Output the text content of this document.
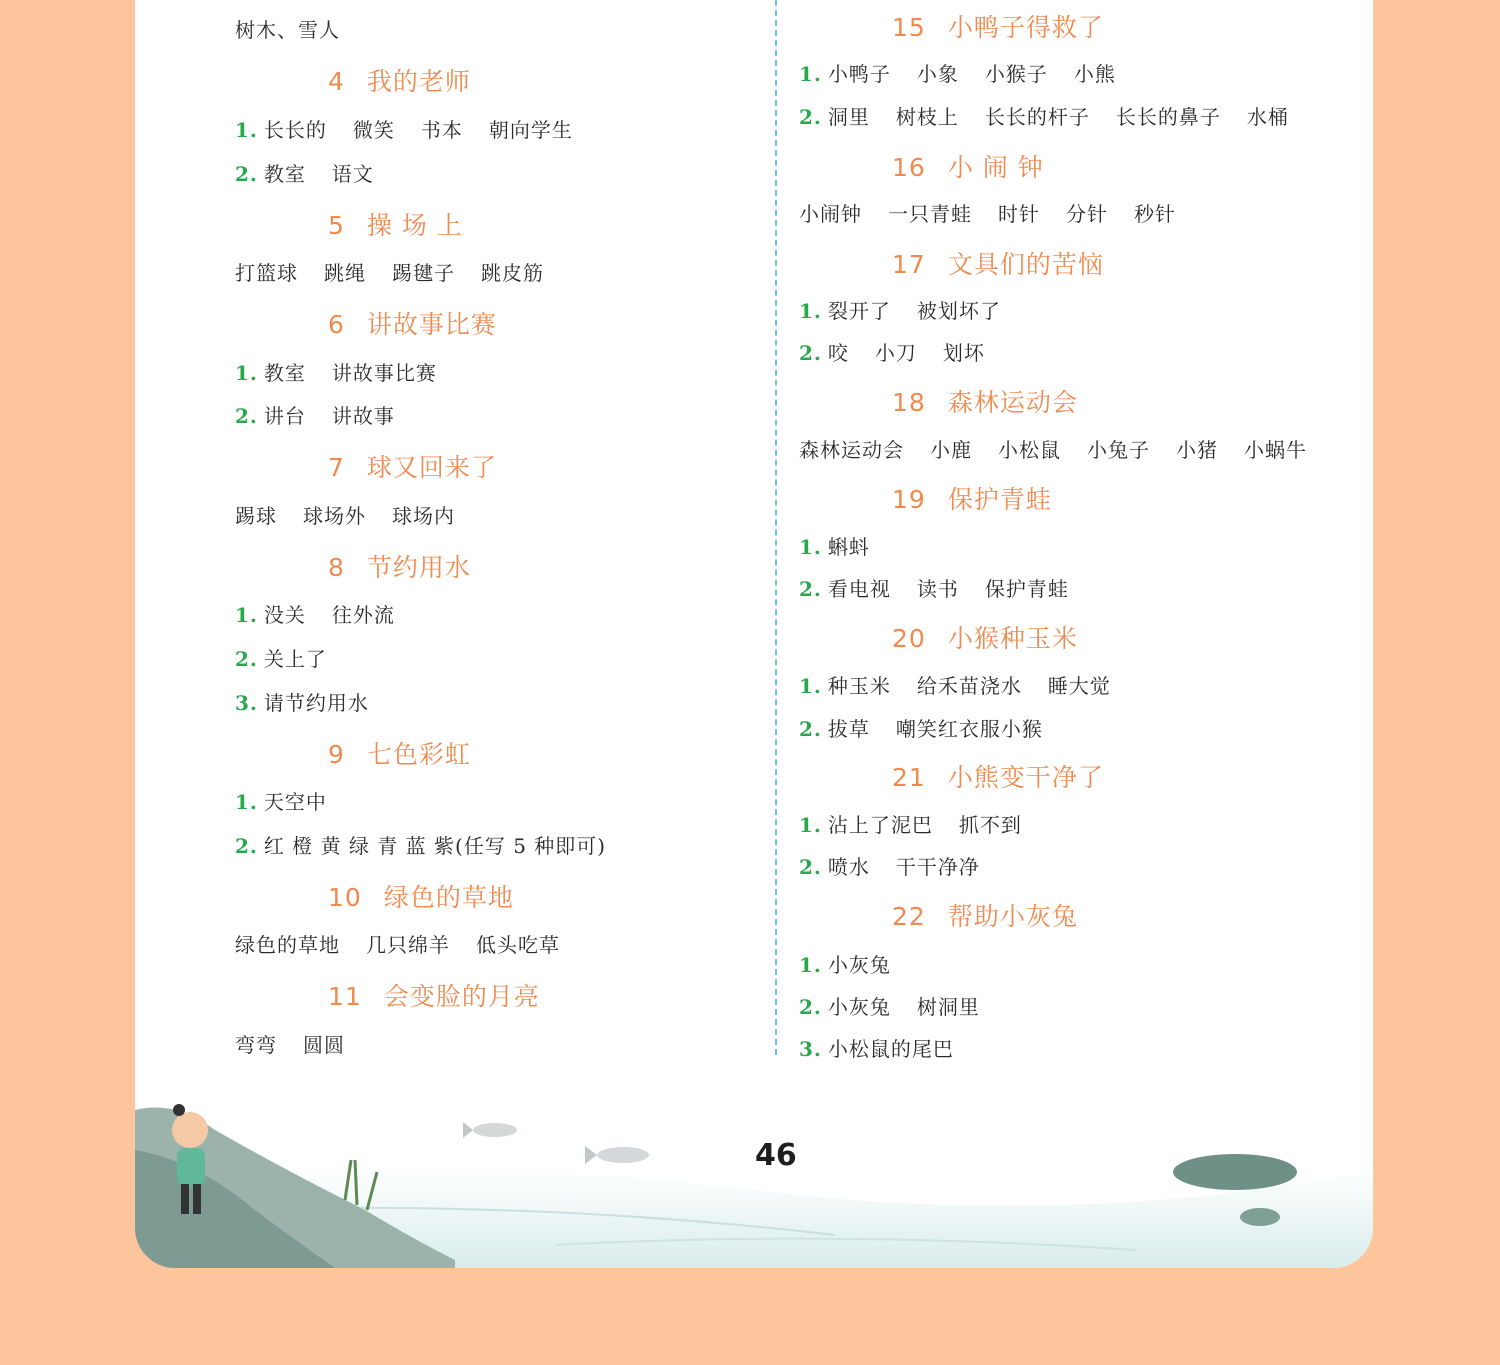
树木、雪人
4 我的老师
1. 长长的 微笑 书本 朝向学生
2. 教室 语文
5 操 场 上
打篮球 跳绳 踢毽子 跳皮筋
6 讲故事比赛
1. 教室 讲故事比赛
2. 讲台 讲故事
7 球又回来了
踢球 球场外 球场内
8 节约用水
1. 没关 往外流
2. 关上了
3. 请节约用水
9 七色彩虹
1. 天空中
2. 红 橙 黄 绿 青 蓝 紫(任写 5 种即可)
10 绿色的草地
绿色的草地 几只绵羊 低头吃草
11 会变脸的月亮
弯弯 圆圆
15 小鸭子得救了
1. 小鸭子 小象 小猴子 小熊
2. 洞里 树枝上 长长的杆子 长长的鼻子 水桶
16 小 闹 钟
小闹钟 一只青蛙 时针 分针 秒针
17 文具们的苦恼
1. 裂开了 被划坏了
2. 咬 小刀 划坏
18 森林运动会
森林运动会 小鹿 小松鼠 小兔子 小猪 小蜗牛
19 保护青蛙
1. 蝌蚪
2. 看电视 读书 保护青蛙
20 小猴种玉米
1. 种玉米 给禾苗浇水 睡大觉
2. 拔草 嘲笑红衣服小猴
21 小熊变干净了
1. 沾上了泥巴 抓不到
2. 喷水 干干净净
22 帮助小灰兔
1. 小灰兔
2. 小灰兔 树洞里
3. 小松鼠的尾巴
46
